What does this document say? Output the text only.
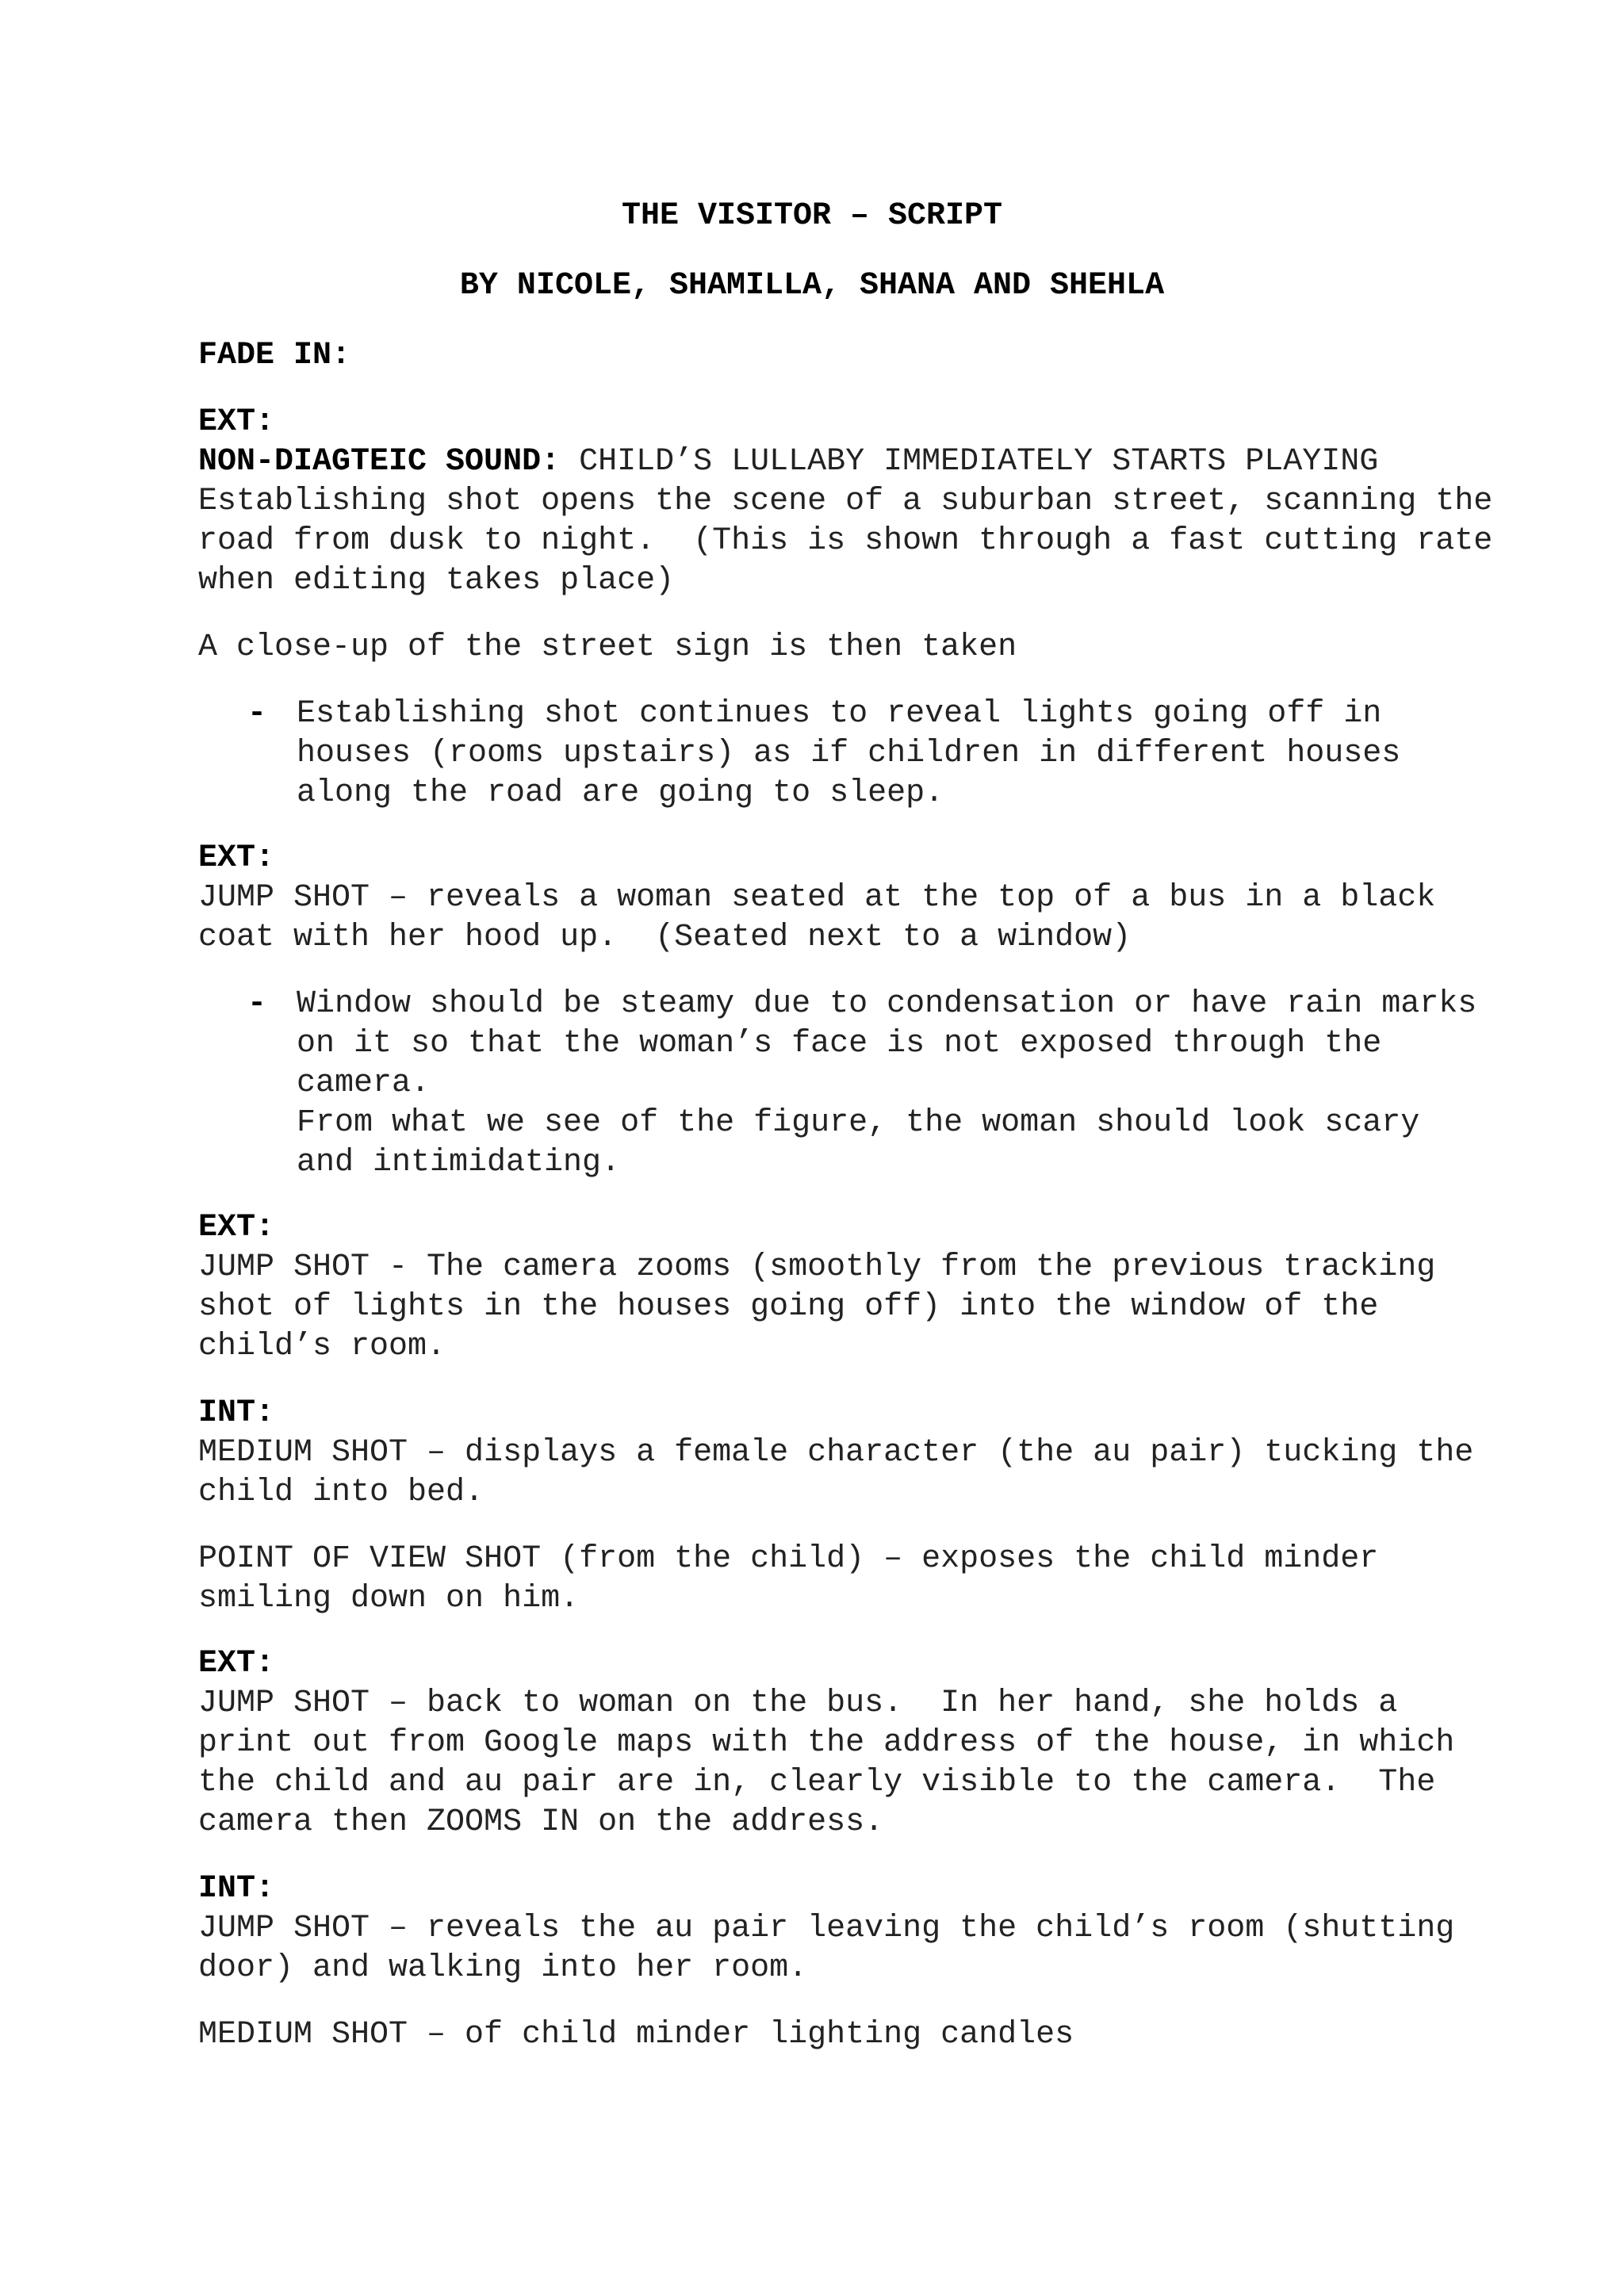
THE VISITOR – SCRIPT
BY NICOLE, SHAMILLA, SHANA AND SHEHLA
FADE IN:
EXT:
NON-DIAGTEIC SOUND: CHILD’S LULLABY IMMEDIATELY STARTS PLAYING
Establishing shot opens the scene of a suburban street, scanning the
road from dusk to night.  (This is shown through a fast cutting rate
when editing takes place)
A close-up of the street sign is then taken
- Establishing shot continues to reveal lights going off in
houses (rooms upstairs) as if children in different houses
along the road are going to sleep.
EXT:
JUMP SHOT – reveals a woman seated at the top of a bus in a black
coat with her hood up.  (Seated next to a window)
- Window should be steamy due to condensation or have rain marks
on it so that the woman’s face is not exposed through the
camera.
From what we see of the figure, the woman should look scary
and intimidating.
EXT:
JUMP SHOT - The camera zooms (smoothly from the previous tracking
shot of lights in the houses going off) into the window of the
child’s room.
INT:
MEDIUM SHOT – displays a female character (the au pair) tucking the
child into bed.
POINT OF VIEW SHOT (from the child) – exposes the child minder
smiling down on him.
EXT:
JUMP SHOT – back to woman on the bus.  In her hand, she holds a
print out from Google maps with the address of the house, in which
the child and au pair are in, clearly visible to the camera.  The
camera then ZOOMS IN on the address.
INT:
JUMP SHOT – reveals the au pair leaving the child’s room (shutting
door) and walking into her room.
MEDIUM SHOT – of child minder lighting candles
